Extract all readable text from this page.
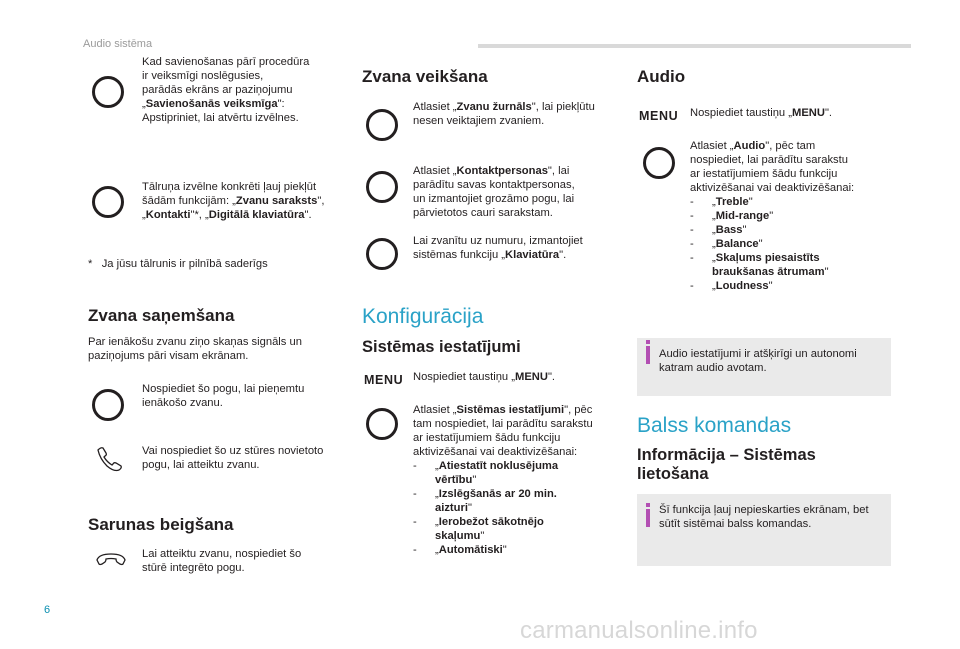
Audio sistēma
Kad savienošanas pārī procedūra
ir veiksmīgi noslēgusies,
parādās ekrāns ar paziņojumu
„Savienošanās veiksmīga":
Apstipriniet, lai atvērtu izvēlnes.
Tālruņa izvēlne konkrēti ļauj piekļūt
šādām funkcijām: „Zvanu saraksts",
„Kontakti"*, „Digitālā klaviatūra".
* Ja jūsu tālrunis ir pilnībā saderīgs
Zvana saņemšana
Par ienākošu zvanu ziņo skaņas signāls un
paziņojums pāri visam ekrānam.
Nospiediet šo pogu, lai pieņemtu
ienākošo zvanu.
Vai nospiediet šo uz stūres novietoto
pogu, lai atteiktu zvanu.
Sarunas beigšana
Lai atteiktu zvanu, nospiediet šo
stūrē integrēto pogu.
Zvana veikšana
Atlasiet „Zvanu žurnāls", lai piekļūtu
nesen veiktajiem zvaniem.
Atlasiet „Kontaktpersonas", lai
parādītu savas kontaktpersonas,
un izmantojiet grozāmo pogu, lai
pārvietotos cauri sarakstam.
Lai zvanītu uz numuru, izmantojiet
sistēmas funkciju „Klaviatūra".
Konfigurācija
Sistēmas iestatījumi
MENU Nospiediet taustiņu „MENU".
Atlasiet „Sistēmas iestatījumi", pēc
tam nospiediet, lai parādītu sarakstu
ar iestatījumiem šādu funkciju
aktivizēšanai vai deaktivizēšanai:
- „Atiestatīt noklusējuma
vērtību"
- „Izslēgšanās ar 20 min.
aizturi"
- „Ierobežot sākotnējo
skaļumu"
- „Automātiski"
Audio
MENU Nospiediet taustiņu „MENU".
Atlasiet „Audio", pēc tam
nospiediet, lai parādītu sarakstu
ar iestatījumiem šādu funkciju
aktivizēšanai vai deaktivizēšanai:
- „Treble"
- „Mid-range"
- „Bass"
- „Balance"
- „Skaļums piesaistīts
braukšanas ātrumam"
- „Loudness"
Audio iestatījumi ir atšķirīgi un autonomi
katram audio avotam.
Balss komandas
Informācija – Sistēmas
lietošana
Šī funkcija ļauj nepieskarties ekrānam, bet
sūtīt sistēmai balss komandas.
6
carmanualsonline.info
